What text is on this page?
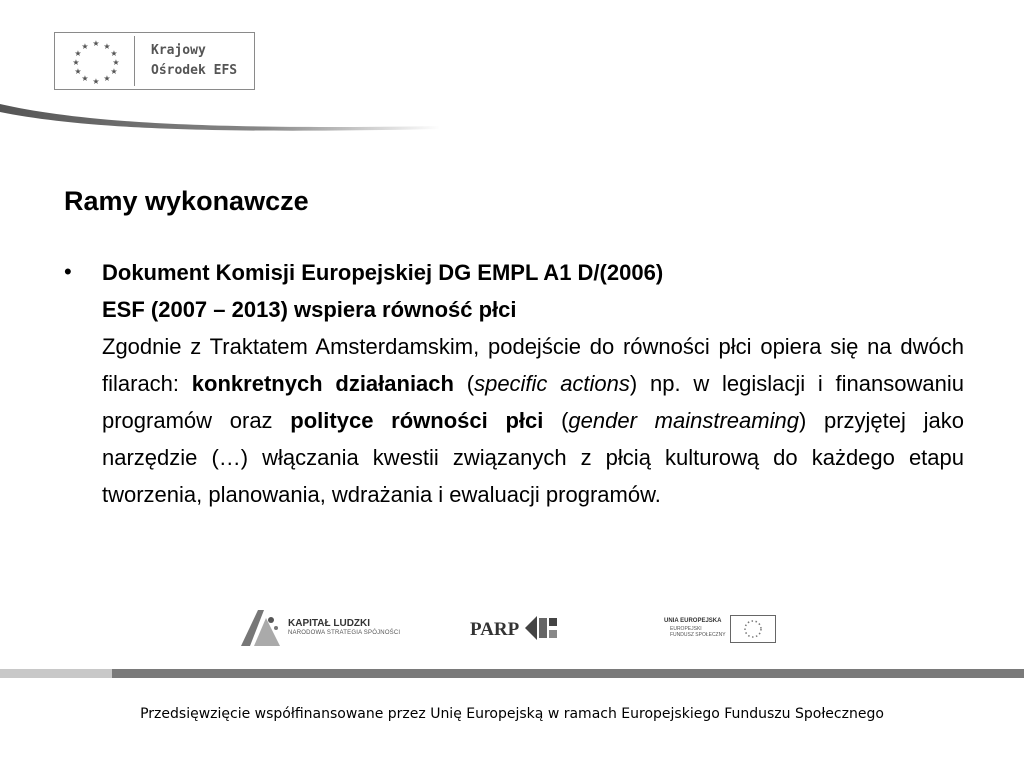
★ ★
★
★
★
★
★
★
★
★
★
★	Krajowy
Ośrodek EFS
Ramy wykonawcze
• Dokument Komisji Europejskiej DG EMPL A1 D/(2006)
ESF (2007 – 2013) wspiera równość płci

Zgodnie z Traktatem Amsterdamskim, podejście do równości płci opiera się na dwóch filarach: konkretnych działaniach (specific actions) np. w legislacji i finansowaniu programów oraz polityce równości płci (gender mainstreaming) przyjętej jako narzędzie (…) włączania kwestii związanych z płcią kulturową do każdego etapu tworzenia, planowania, wdrażania i ewaluacji programów.

KAPITAŁ LUDZKI
NARODOWA STRATEGIA SPÓJNOŚCI	PARP	UNIA EUROPEJSKA
EUROPEJSKI
FUNDUSZ SPOŁECZNY
Przedsięwzięcie współfinansowane przez Unię Europejską w ramach Europejskiego Funduszu Społecznego
